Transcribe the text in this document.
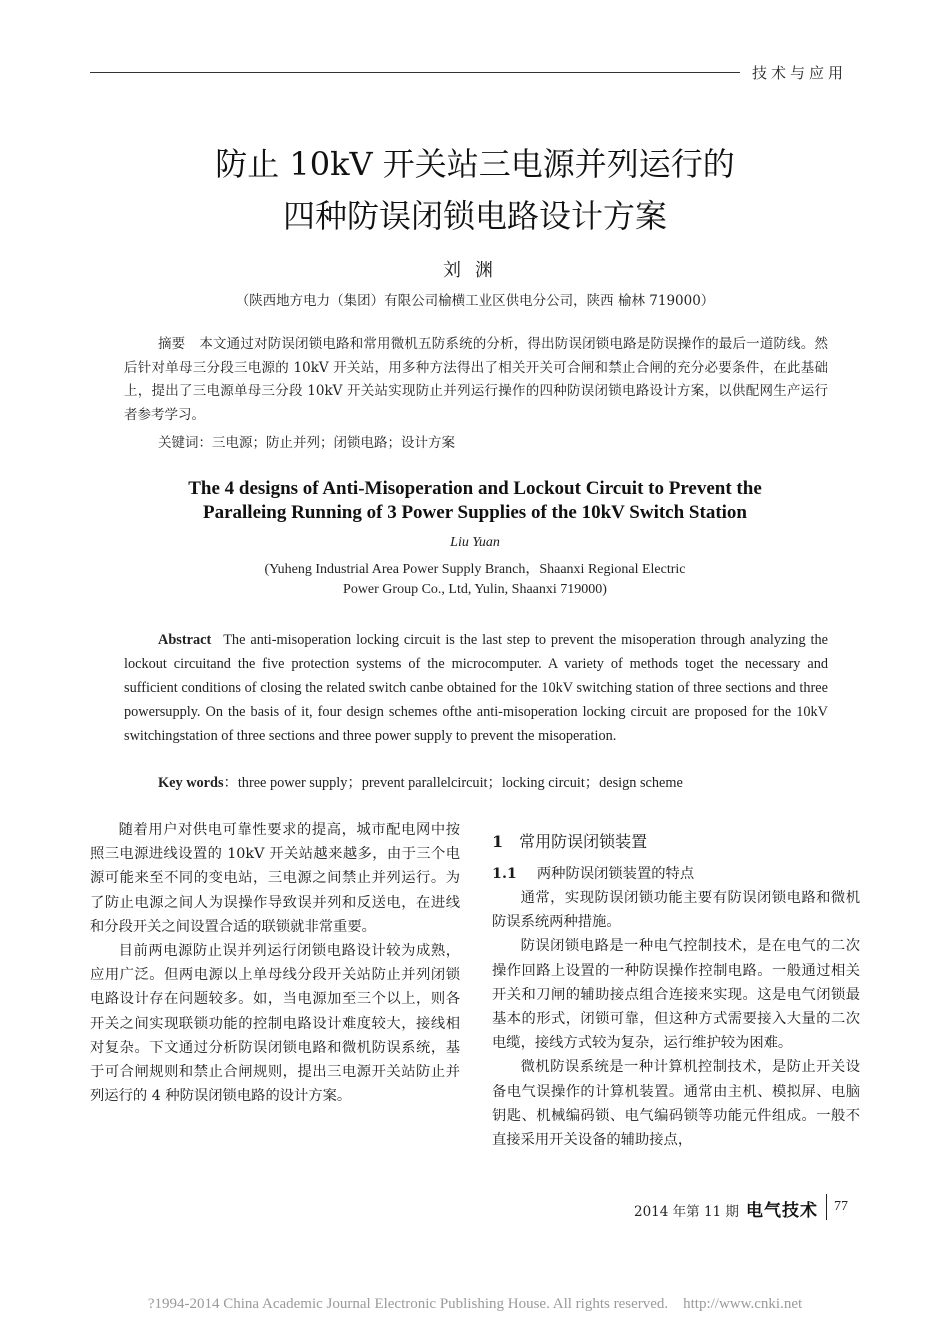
技术与应用
防止 10kV 开关站三电源并列运行的
四种防误闭锁电路设计方案
刘渊
（陕西地方电力（集团）有限公司榆横工业区供电分公司，陕西 榆林 719000）
摘要 本文通过对防误闭锁电路和常用微机五防系统的分析，得出防误闭锁电路是防误操作的最后一道防线。然后针对单母三分段三电源的 10kV 开关站，用多种方法得出了相关开关可合闸和禁止合闸的充分必要条件，在此基础上，提出了三电源单母三分段 10kV 开关站实现防止并列运行操作的四种防误闭锁电路设计方案，以供配网生产运行者参考学习。
关键词：三电源；防止并列；闭锁电路；设计方案
The 4 designs of Anti-Misoperation and Lockout Circuit to Prevent the
Paralleing Running of 3 Power Supplies of the 10kV Switch Station
Liu Yuan
(Yuheng Industrial Area Power Supply Branch，Shaanxi Regional Electric
Power Group Co., Ltd, Yulin, Shaanxi 719000)
Abstract The anti-misoperation locking circuit is the last step to prevent the misoperation through analyzing the lockout circuitand the five protection systems of the microcomputer. A variety of methods toget the necessary and sufficient conditions of closing the related switch canbe obtained for the 10kV switching station of three sections and three powersupply. On the basis of it, four design schemes ofthe anti-misoperation locking circuit are proposed for the 10kV switchingstation of three sections and three power supply to prevent the misoperation.
Key words：three power supply；prevent parallelcircuit；locking circuit；design scheme

随着用户对供电可靠性要求的提高，城市配电网中按照三电源进线设置的 10kV 开关站越来越多，由于三个电源可能来至不同的变电站，三电源之间禁止并列运行。为了防止电源之间人为误操作导致误并列和反送电，在进线和分段开关之间设置合适的联锁就非常重要。

目前两电源防止误并列运行闭锁电路设计较为成熟，应用广泛。但两电源以上单母线分段开关站防止并列闭锁电路设计存在问题较多。如，当电源加至三个以上，则各开关之间实现联锁功能的控制电路设计难度较大，接线相对复杂。下文通过分析防误闭锁电路和微机防误系统，基于可合闸规则和禁止合闸规则，提出三电源开关站防止并列运行的 4 种防误闭锁电路的设计方案。

1 常用防误闭锁装置
1.1 两种防误闭锁装置的特点

通常，实现防误闭锁功能主要有防误闭锁电路和微机防误系统两种措施。

防误闭锁电路是一种电气控制技术，是在电气的二次操作回路上设置的一种防误操作控制电路。一般通过相关开关和刀闸的辅助接点组合连接来实现。这是电气闭锁最基本的形式，闭锁可靠，但这种方式需要接入大量的二次电缆，接线方式较为复杂，运行维护较为困难。

微机防误系统是一种计算机控制技术，是防止开关设备电气误操作的计算机装置。通常由主机、模拟屏、电脑钥匙、机械编码锁、电气编码锁等功能元件组成。一般不直接采用开关设备的辅助接点，

2014 年第 11 期 电气技术 77
?1994-2014 China Academic Journal Electronic Publishing House. All rights reserved.    http://www.cnki.net
